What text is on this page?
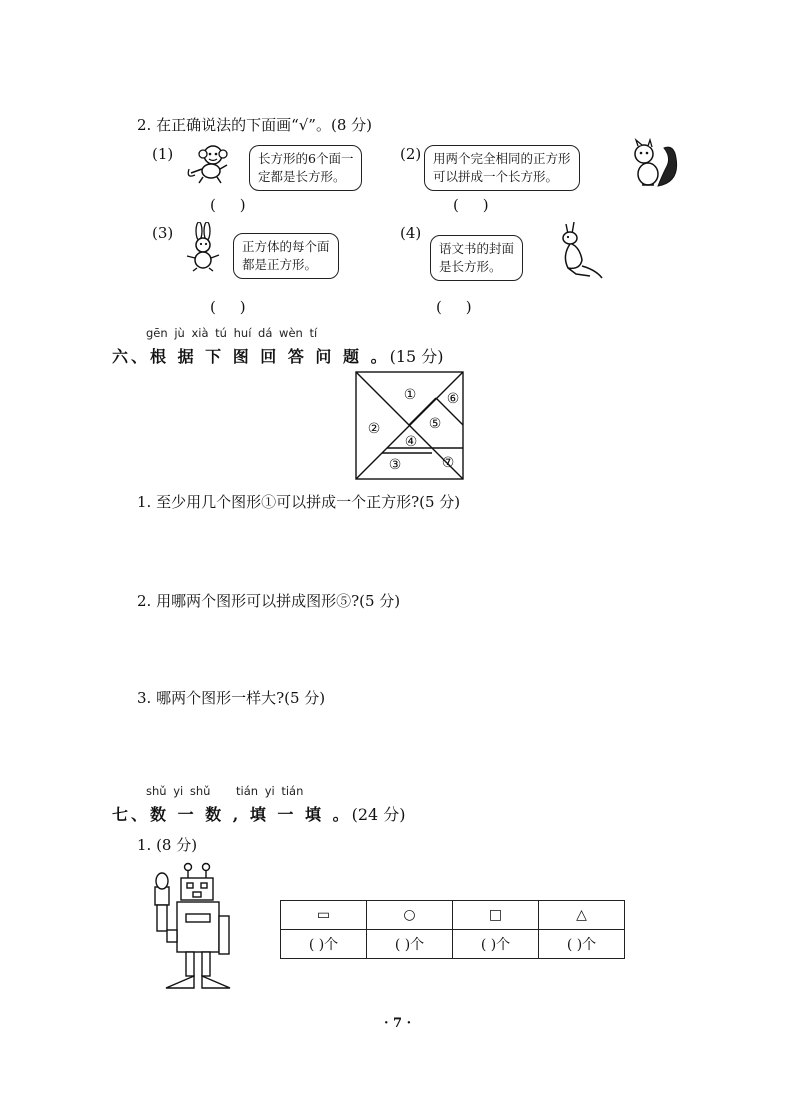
2. 在正确说法的下面画“√”。(8 分)
(1)	长方形的6个面一
定都是长方形。
(     )
(2) 用两个完全相同的正方形
可以拼成一个长方形。
(     )
(3)
正方体的每个面
都是正方形。
(     )
(4)
语文书的封面
是长方形。
(     )
gēn jù xià tú huí dá wèn tí
六、根 据 下 图 回 答 问 题 。(15 分)
①
②
③
④
⑤
⑥
⑦
1. 至少用几个图形①可以拼成一个正方形?(5 分)
2. 用哪两个图形可以拼成图形⑤?(5 分)
3. 哪两个图形一样大?(5 分)
shǔ yi shǔ tián yi tián
七、数 一 数 , 填 一 填 。(24 分)
1. (8 分)
▭	○	□	△
( )个	( )个	( )个	( )个
· 7 ·
